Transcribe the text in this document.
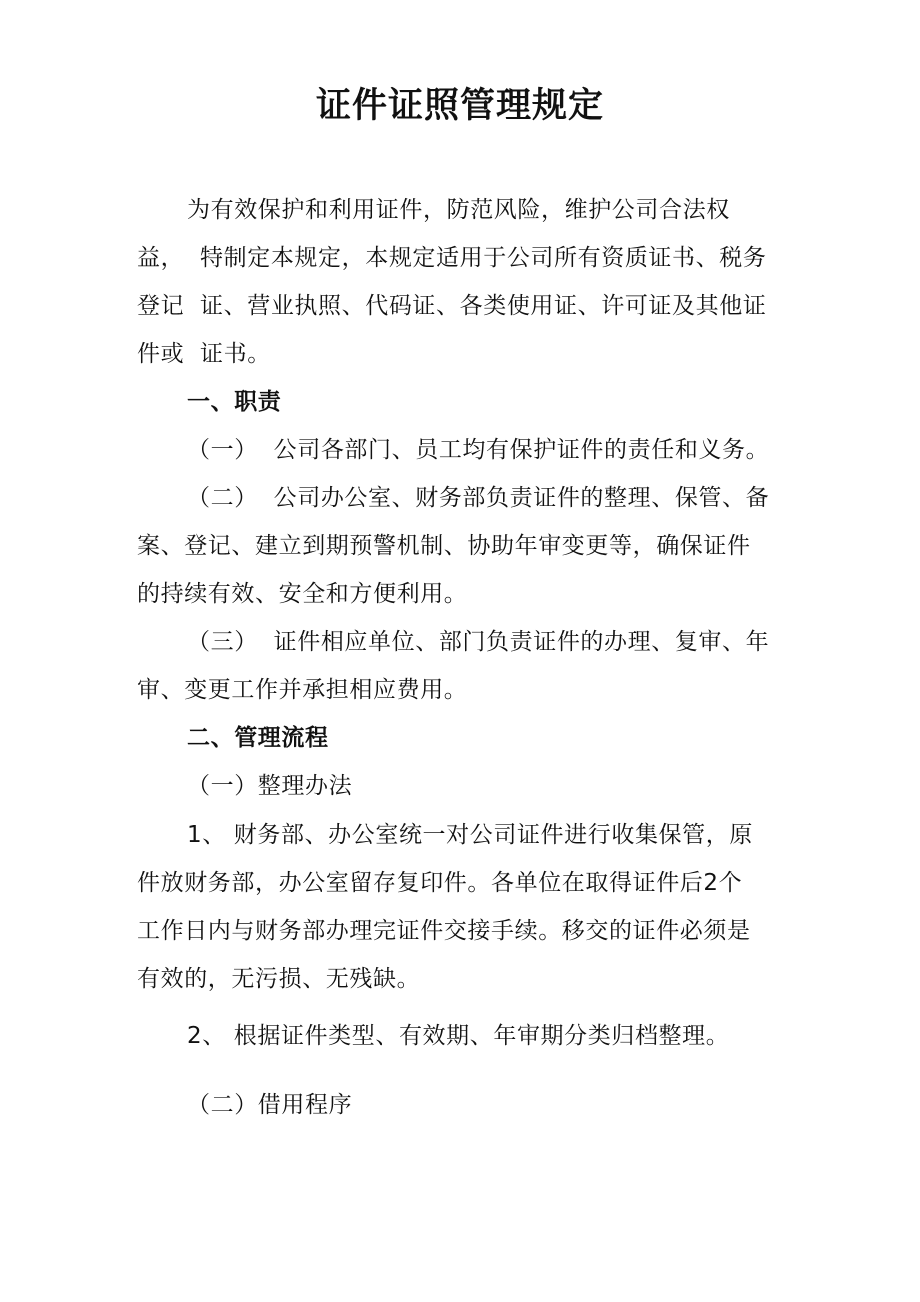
证件证照管理规定
为有效保护和利用证件，防范风险，维护公司合法权
益，  特制定本规定，本规定适用于公司所有资质证书、税务
登记  证、营业执照、代码证、各类使用证、许可证及其他证
件或  证书。
一、职责
（一）  公司各部门、员工均有保护证件的责任和义务。
（二）  公司办公室、财务部负责证件的整理、保管、备
案、登记、建立到期预警机制、协助年审变更等，确保证件
的持续有效、安全和方便利用。
（三）  证件相应单位、部门负责证件的办理、复审、年
审、变更工作并承担相应费用。
二、管理流程
（一）整理办法
1、 财务部、办公室统一对公司证件进行收集保管，原
件放财务部，办公室留存复印件。各单位在取得证件后2个
工作日内与财务部办理完证件交接手续。移交的证件必须是
有效的，无污损、无残缺。
2、 根据证件类型、有效期、年审期分类归档整理。
（二）借用程序
